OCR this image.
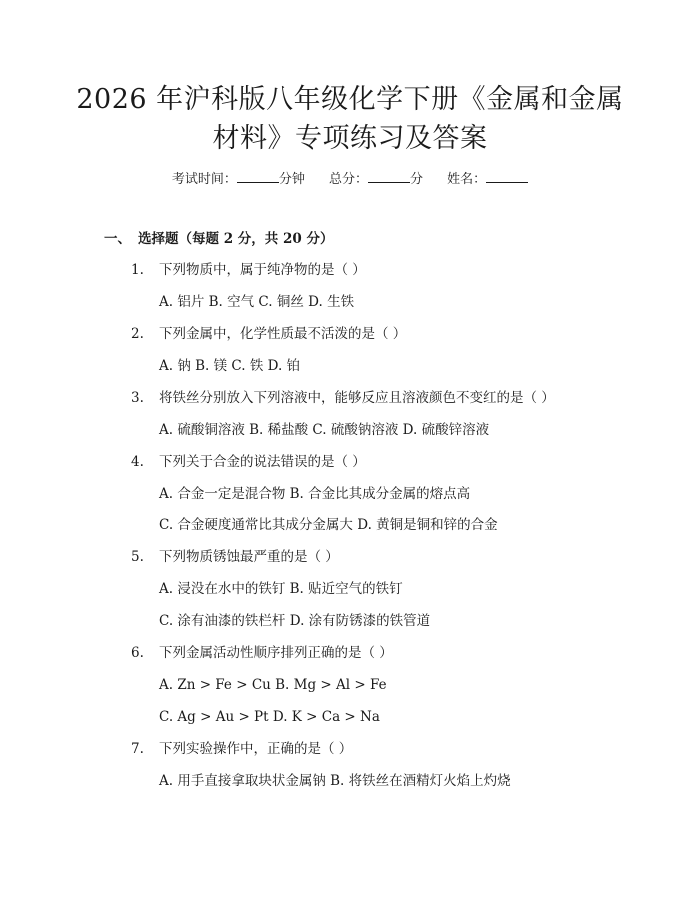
2026 年沪科版八年级化学下册《金属和金属
材料》专项练习及答案
考试时间：	分钟 总分：	分 姓名：
一、 选择题（每题 2 分，共 20 分）
1. 下列物质中，属于纯净物的是（ ）
A. 铝片 B. 空气 C. 铜丝 D. 生铁
2. 下列金属中，化学性质最不活泼的是（ ）
A. 钠 B. 镁 C. 铁 D. 铂
3. 将铁丝分别放入下列溶液中，能够反应且溶液颜色不变红的是（ ）
A. 硫酸铜溶液 B. 稀盐酸 C. 硫酸钠溶液 D. 硫酸锌溶液
4. 下列关于合金的说法错误的是（ ）
A. 合金一定是混合物 B. 合金比其成分金属的熔点高
C. 合金硬度通常比其成分金属大 D. 黄铜是铜和锌的合金
5. 下列物质锈蚀最严重的是（ ）
A. 浸没在水中的铁钉 B. 贴近空气的铁钉
C. 涂有油漆的铁栏杆 D. 涂有防锈漆的铁管道
6. 下列金属活动性顺序排列正确的是（ ）
A. Zn > Fe > Cu B. Mg > Al > Fe
C. Ag > Au > Pt D. K > Ca > Na
7. 下列实验操作中，正确的是（ ）
A. 用手直接拿取块状金属钠 B. 将铁丝在酒精灯火焰上灼烧
